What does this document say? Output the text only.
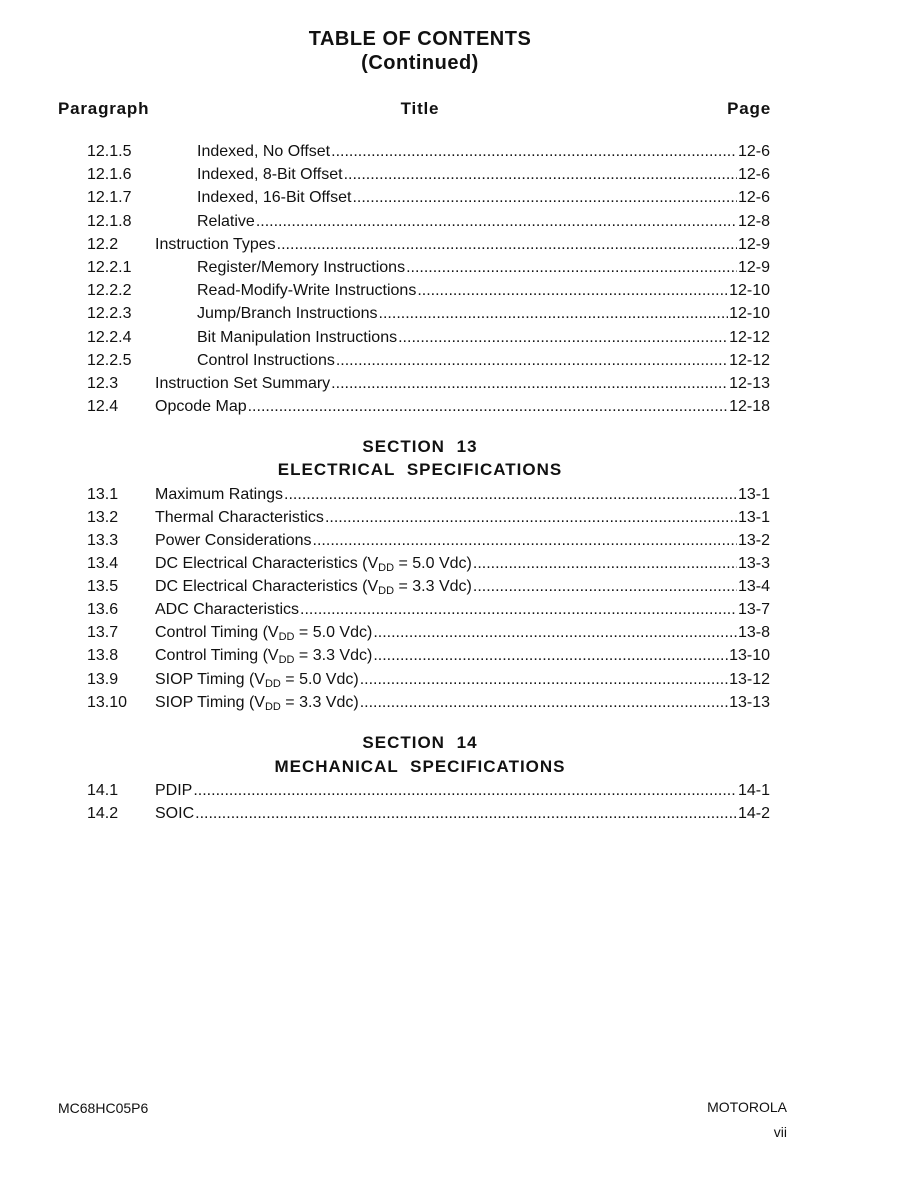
TABLE OF CONTENTS
(Continued)
Paragraph	Title	Page
12.1.5	Indexed, No Offset .....	12-6
12.1.6	Indexed, 8-Bit Offset .....	12-6
12.1.7	Indexed, 16-Bit Offset .....	12-6
12.1.8	Relative .....	12-8
12.2 Instruction Types .....	12-9
12.2.1	Register/Memory Instructions .....	12-9
12.2.2	Read-Modify-Write Instructions .....	12-10
12.2.3	Jump/Branch Instructions .....	12-10
12.2.4	Bit Manipulation Instructions .....	12-12
12.2.5	Control Instructions .....	12-12
12.3 Instruction Set Summary .....	12-13
12.4 Opcode Map .....	12-18
SECTION 13
ELECTRICAL SPECIFICATIONS
13.1 Maximum Ratings .....	13-1
13.2 Thermal Characteristics .....	13-1
13.3 Power Considerations .....	13-2
13.4 DC Electrical Characteristics ($V_{DD} = 5.0$ Vdc) .....	13-3
13.5 DC Electrical Characteristics ($V_{DD} = 3.3$ Vdc) .....	13-4
13.6 ADC Characteristics .....	13-7
13.7 Control Timing ($V_{DD} = 5.0$ Vdc) .....	13-8
13.8 Control Timing ($V_{DD} = 3.3$ Vdc) .....	13-10
13.9 SIOP Timing ($V_{DD} = 5.0$ Vdc) .....	13-12
13.10 SIOP Timing ($V_{DD} = 3.3$ Vdc) .....	13-13
SECTION 14
MECHANICAL SPECIFICATIONS
14.1 PDIP .....	14-1
14.2 SOIC .....	14-2
MC68HC05P6	MOTOROLA
vii
